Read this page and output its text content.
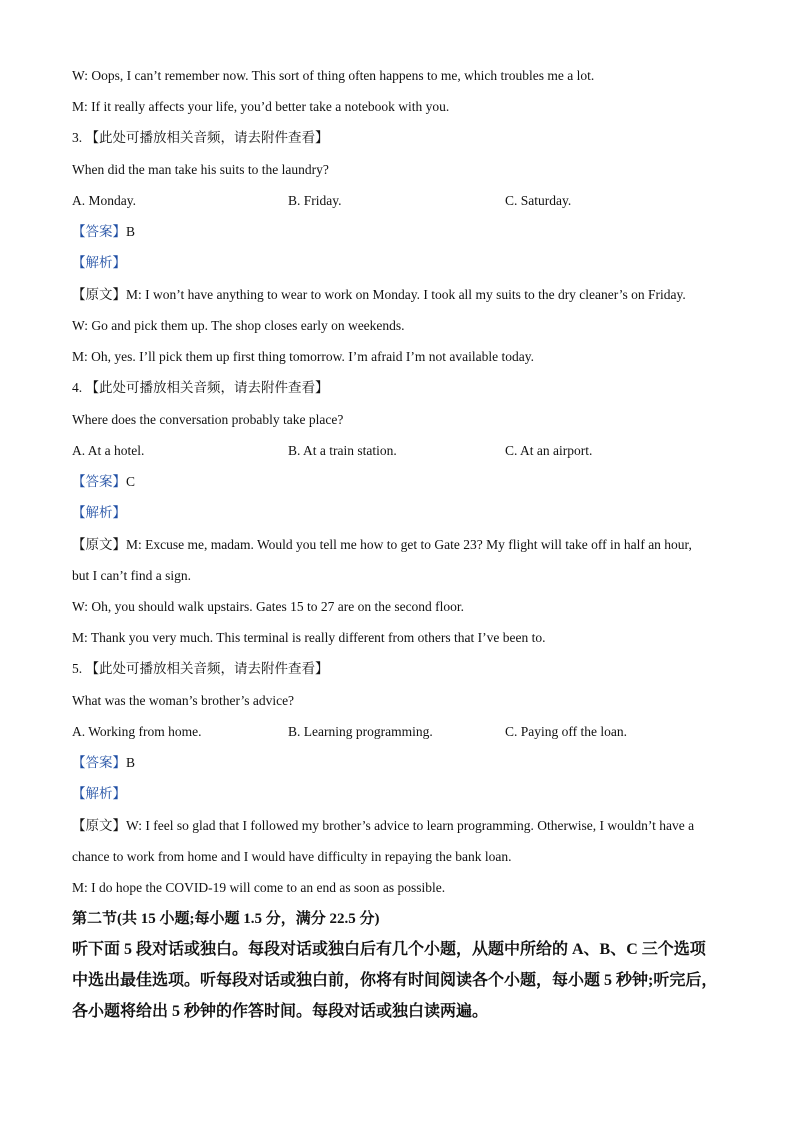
W: Oops, I can’t remember now. This sort of thing often happens to me, which troubles me a lot.
M: If it really affects your life, you’d better take a notebook with you.
3. 【此处可播放相关音频，请去附件查看】
When did the man take his suits to the laundry?
A. Monday.	B. Friday.	C. Saturday.
【答案】B
【解析】
【原文】M: I won’t have anything to wear to work on Monday. I took all my suits to the dry cleaner’s on Friday.
W: Go and pick them up. The shop closes early on weekends.
M: Oh, yes. I’ll pick them up first thing tomorrow. I’m afraid I’m not available today.
4. 【此处可播放相关音频，请去附件查看】
Where does the conversation probably take place?
A. At a hotel.	B. At a train station.	C. At an airport.
【答案】C
【解析】
【原文】M: Excuse me, madam. Would you tell me how to get to Gate 23? My flight will take off in half an hour,
but I can’t find a sign.
W: Oh, you should walk upstairs. Gates 15 to 27 are on the second floor.
M: Thank you very much. This terminal is really different from others that I’ve been to.
5. 【此处可播放相关音频，请去附件查看】
What was the woman’s brother’s advice?
A. Working from home.	B. Learning programming.	C. Paying off the loan.
【答案】B
【解析】
【原文】W: I feel so glad that I followed my brother’s advice to learn programming. Otherwise, I wouldn’t have a
chance to work from home and I would have difficulty in repaying the bank loan.
M: I do hope the COVID-19 will come to an end as soon as possible.
第二节(共 15 小题;每小题 1.5 分，满分 22.5 分)
听下面 5 段对话或独白。每段对话或独白后有几个小题，从题中所给的 A、B、C 三个选项
中选出最佳选项。听每段对话或独白前，你将有时间阅读各个小题，每小题 5 秒钟;听完后，
各小题将给出 5 秒钟的作答时间。每段对话或独白读两遍。
